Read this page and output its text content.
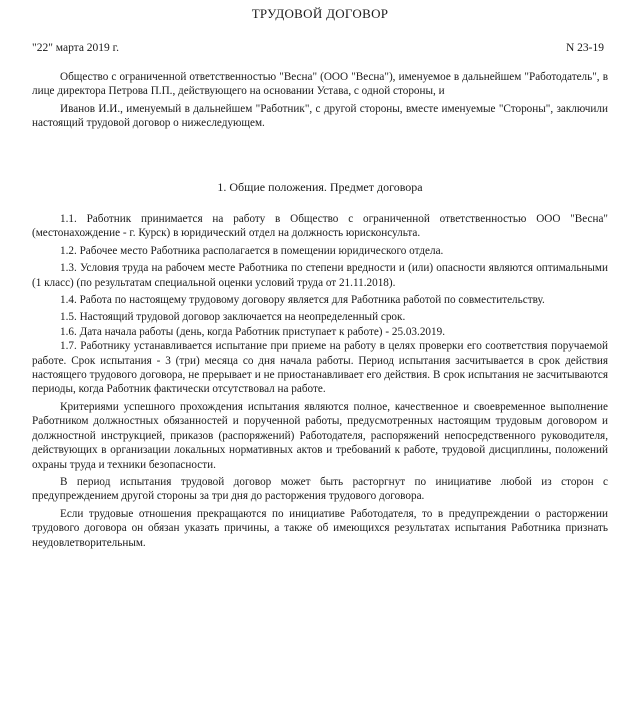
ТРУДОВОЙ ДОГОВОР
"22" марта 2019 г.	N 23-19

Общество с ограниченной ответственностью "Весна" (ООО "Весна"), именуемое в дальнейшем "Работодатель", в лице директора Петрова П.П., действующего на основании Устава, с одной стороны, и

Иванов И.И., именуемый в дальнейшем "Работник", с другой стороны, вместе именуемые "Стороны", заключили настоящий трудовой договор о нижеследующем.

1. Общие положения. Предмет договора

1.1. Работник принимается на работу в Общество с ограниченной ответственностью ООО "Весна" (местонахождение - г. Курск) в юридический отдел на должность юрисконсульта.

1.2. Рабочее место Работника располагается в помещении юридического отдела.

1.3. Условия труда на рабочем месте Работника по степени вредности и (или) опасности являются оптимальными (1 класс) (по результатам специальной оценки условий труда от 21.11.2018).

1.4. Работа по настоящему трудовому договору является для Работника работой по совместительству.

1.5. Настоящий трудовой договор заключается на неопределенный срок.

1.6. Дата начала работы (день, когда Работник приступает к работе) - 25.03.2019.

1.7. Работнику устанавливается испытание при приеме на работу в целях проверки его соответствия поручаемой работе. Срок испытания - 3 (три) месяца со дня начала работы. Период испытания засчитывается в срок действия настоящего трудового договора, не прерывает и не приостанавливает его действия. В срок испытания не засчитываются периоды, когда Работник фактически отсутствовал на работе.

Критериями успешного прохождения испытания являются полное, качественное и своевременное выполнение Работником должностных обязанностей и порученной работы, предусмотренных настоящим трудовым договором и должностной инструкцией, приказов (распоряжений) Работодателя, распоряжений непосредственного руководителя, действующих в организации локальных нормативных актов и требований к работе, трудовой дисциплины, положений охраны труда и техники безопасности.

В период испытания трудовой договор может быть расторгнут по инициативе любой из сторон с предупреждением другой стороны за три дня до расторжения трудового договора.

Если трудовые отношения прекращаются по инициативе Работодателя, то в предупреждении о расторжении трудового договора он обязан указать причины, а также об имеющихся результатах испытания Работника признать неудовлетворительным.
